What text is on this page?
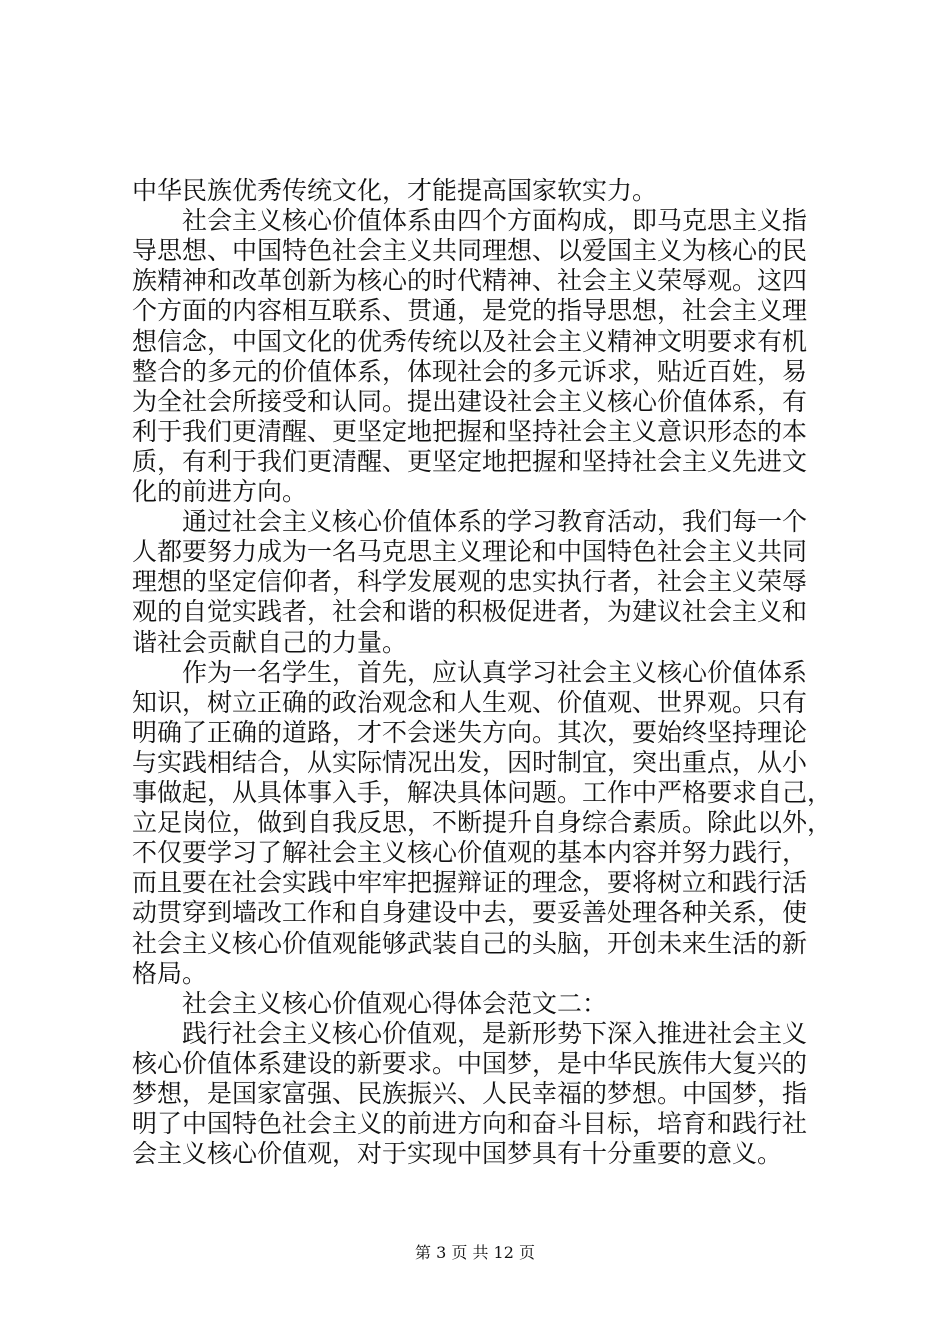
中华民族优秀传统文化，才能提高国家软实力。
　　社会主义核心价值体系由四个方面构成，即马克思主义指
导思想、中国特色社会主义共同理想、以爱国主义为核心的民
族精神和改革创新为核心的时代精神、社会主义荣辱观。这四
个方面的内容相互联系、贯通，是党的指导思想，社会主义理
想信念，中国文化的优秀传统以及社会主义精神文明要求有机
整合的多元的价值体系，体现社会的多元诉求，贴近百姓，易
为全社会所接受和认同。提出建设社会主义核心价值体系，有
利于我们更清醒、更坚定地把握和坚持社会主义意识形态的本
质，有利于我们更清醒、更坚定地把握和坚持社会主义先进文
化的前进方向。
　　通过社会主义核心价值体系的学习教育活动，我们每一个
人都要努力成为一名马克思主义理论和中国特色社会主义共同
理想的坚定信仰者，科学发展观的忠实执行者，社会主义荣辱
观的自觉实践者，社会和谐的积极促进者，为建议社会主义和
谐社会贡献自己的力量。
　　作为一名学生，首先，应认真学习社会主义核心价值体系
知识，树立正确的政治观念和人生观、价值观、世界观。只有
明确了正确的道路，才不会迷失方向。其次，要始终坚持理论
与实践相结合，从实际情况出发，因时制宜，突出重点，从小
事做起，从具体事入手，解决具体问题。工作中严格要求自己，
立足岗位，做到自我反思，不断提升自身综合素质。除此以外，
不仅要学习了解社会主义核心价值观的基本内容并努力践行，
而且要在社会实践中牢牢把握辩证的理念，要将树立和践行活
动贯穿到墙改工作和自身建设中去，要妥善处理各种关系，使
社会主义核心价值观能够武装自己的头脑，开创未来生活的新
格局。
　　社会主义核心价值观心得体会范文二：
　　践行社会主义核心价值观，是新形势下深入推进社会主义
核心价值体系建设的新要求。中国梦，是中华民族伟大复兴的
梦想，是国家富强、民族振兴、人民幸福的梦想。中国梦，指
第 3 页 共 12 页
明了中国特色社会主义的前进方向和奋斗目标，培育和践行社
会主义核心价值观，对于实现中国梦具有十分重要的意义。
